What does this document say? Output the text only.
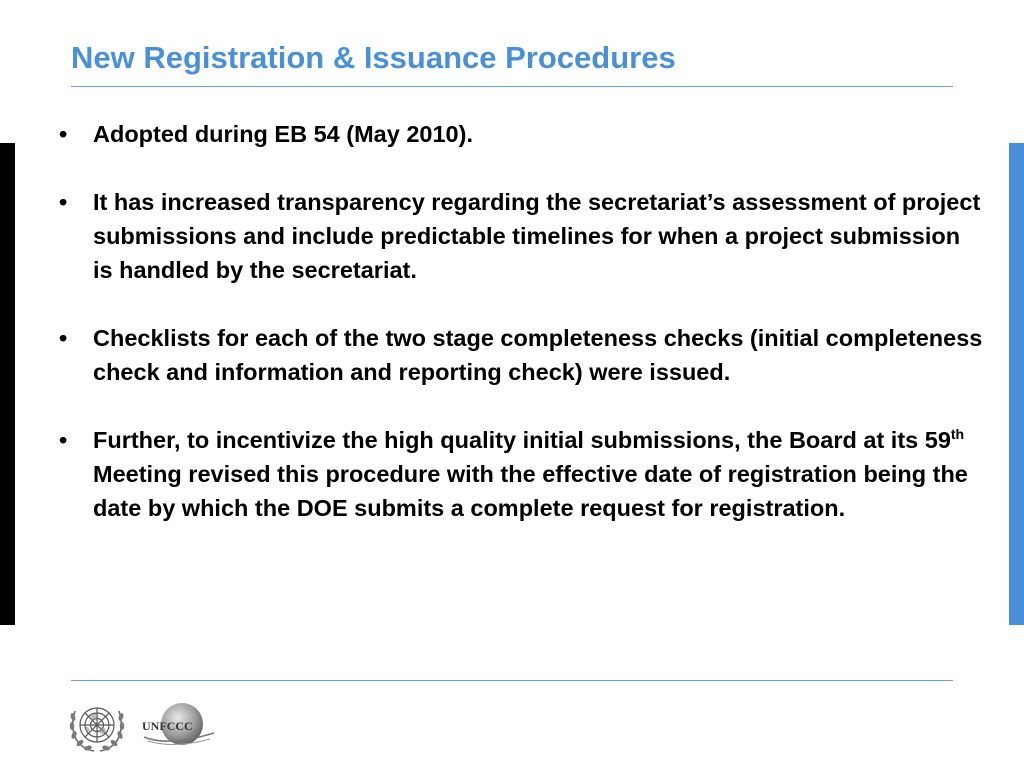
New Registration & Issuance Procedures
• Adopted during EB 54 (May 2010).
• It has increased transparency regarding the secretariat’s assessment of project submissions and include predictable timelines for when a project submission is handled by the secretariat.
• Checklists for each of the two stage completeness checks (initial completeness check and information and reporting check) were issued.
• Further, to incentivize the high quality initial submissions, the Board at its 59th Meeting revised this procedure with the effective date of registration being the date by which the DOE submits a complete request for registration.
UNFCCC
